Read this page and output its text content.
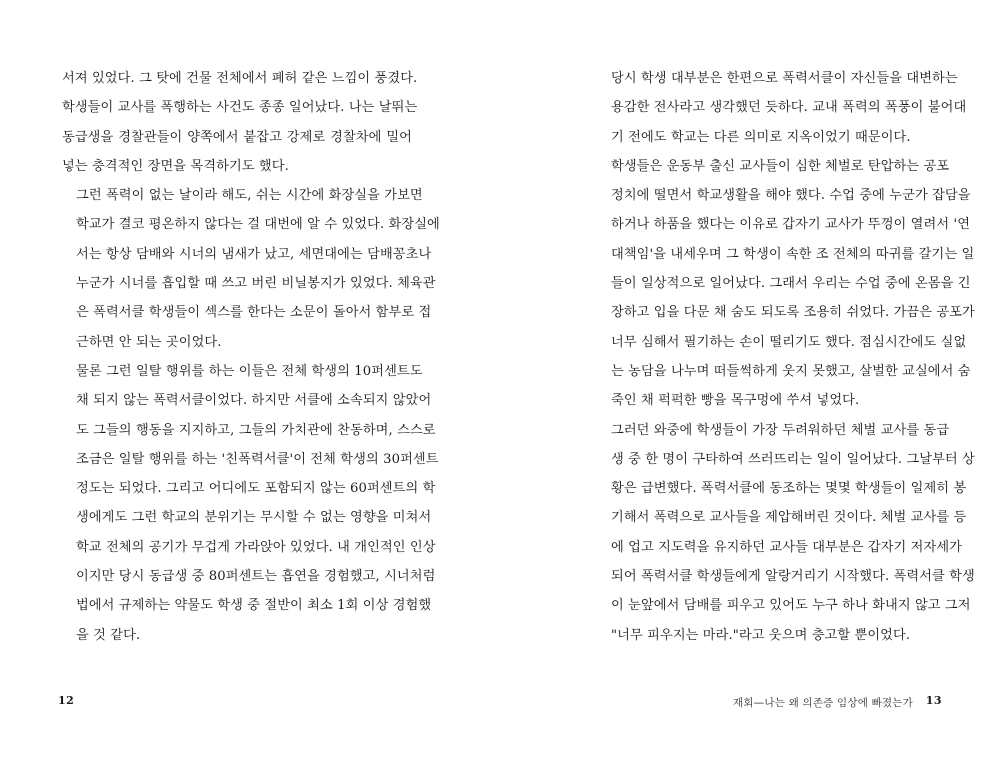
서져 있었다. 그 탓에 건물 전체에서 폐허 같은 느낌이 풍겼다.
학생들이 교사를 폭행하는 사건도 종종 일어났다. 나는 날뛰는
동급생을 경찰관들이 양쪽에서 붙잡고 강제로 경찰차에 밀어
넣는 충격적인 장면을 목격하기도 했다.
그런 폭력이 없는 날이라 해도, 쉬는 시간에 화장실을 가보면
학교가 결코 평온하지 않다는 걸 대번에 알 수 있었다. 화장실에
서는 항상 담배와 시너의 냄새가 났고, 세면대에는 담배꽁초나
누군가 시너를 흡입할 때 쓰고 버린 비닐봉지가 있었다. 체육관
은 폭력서클 학생들이 섹스를 한다는 소문이 돌아서 함부로 접
근하면 안 되는 곳이었다.
물론 그런 일탈 행위를 하는 이들은 전체 학생의 10퍼센트도
채 되지 않는 폭력서클이었다. 하지만 서클에 소속되지 않았어
도 그들의 행동을 지지하고, 그들의 가치관에 찬동하며, 스스로
조금은 일탈 행위를 하는 '친폭력서클'이 전체 학생의 30퍼센트
정도는 되었다. 그리고 어디에도 포함되지 않는 60퍼센트의 학
생에게도 그런 학교의 분위기는 무시할 수 없는 영향을 미쳐서
학교 전체의 공기가 무겁게 가라앉아 있었다. 내 개인적인 인상
이지만 당시 동급생 중 80퍼센트는 흡연을 경험했고, 시너처럼
법에서 규제하는 약물도 학생 중 절반이 최소 1회 이상 경험했
을 것 같다.
12
당시 학생 대부분은 한편으로 폭력서클이 자신들을 대변하는
용감한 전사라고 생각했던 듯하다. 교내 폭력의 폭풍이 불어대
기 전에도 학교는 다른 의미로 지옥이었기 때문이다.
학생들은 운동부 출신 교사들이 심한 체벌로 탄압하는 공포
정치에 떨면서 학교생활을 해야 했다. 수업 중에 누군가 잡담을
하거나 하품을 했다는 이유로 갑자기 교사가 뚜껑이 열려서 '연
대책임'을 내세우며 그 학생이 속한 조 전체의 따귀를 갈기는 일
들이 일상적으로 일어났다. 그래서 우리는 수업 중에 온몸을 긴
장하고 입을 다문 채 숨도 되도록 조용히 쉬었다. 가끔은 공포가
너무 심해서 필기하는 손이 떨리기도 했다. 점심시간에도 실없
는 농담을 나누며 떠들썩하게 웃지 못했고, 살벌한 교실에서 숨
죽인 채 퍽퍽한 빵을 목구멍에 쑤셔 넣었다.
그러던 와중에 학생들이 가장 두려워하던 체벌 교사를 동급
생 중 한 명이 구타하여 쓰러뜨리는 일이 일어났다. 그날부터 상
황은 급변했다. 폭력서클에 동조하는 몇몇 학생들이 일제히 봉
기해서 폭력으로 교사들을 제압해버린 것이다. 체벌 교사를 등
에 업고 지도력을 유지하던 교사들 대부분은 갑자기 저자세가
되어 폭력서클 학생들에게 알랑거리기 시작했다. 폭력서클 학생
이 눈앞에서 담배를 피우고 있어도 누구 하나 화내지 않고 그저
"너무 피우지는 마라."라고 웃으며 충고할 뿐이었다.
재회—나는 왜 의존증 임상에 빠졌는가 13
